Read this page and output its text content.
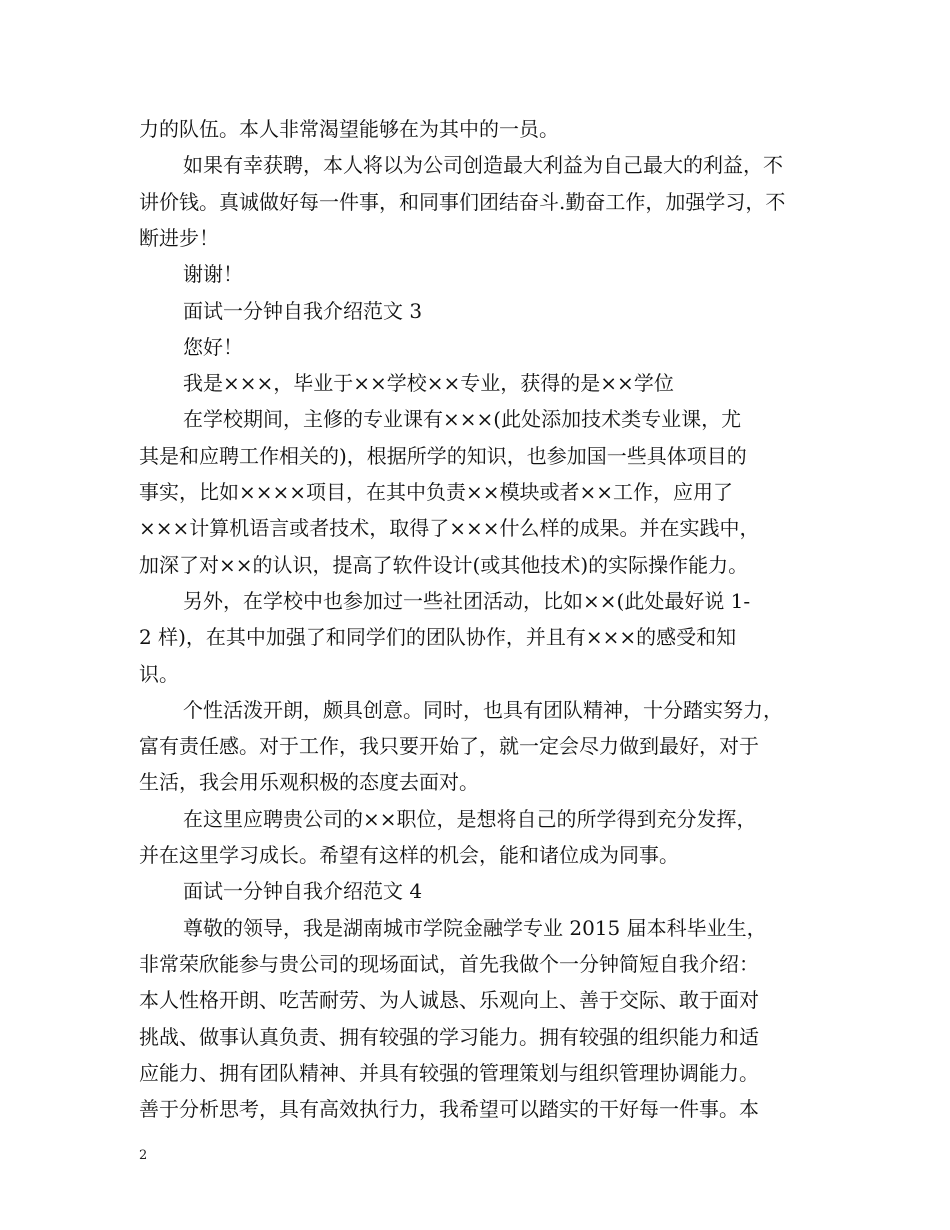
力的队伍。本人非常渴望能够在为其中的一员。
如果有幸获聘，本人将以为公司创造最大利益为自己最大的利益，不
讲价钱。真诚做好每一件事，和同事们团结奋斗.勤奋工作，加强学习，不
断进步！
谢谢！
面试一分钟自我介绍范文 3
您好！
我是×××，毕业于××学校××专业，获得的是××学位
在学校期间，主修的专业课有×××(此处添加技术类专业课，尤
其是和应聘工作相关的)，根据所学的知识，也参加国一些具体项目的
事实，比如××××项目，在其中负责××模块或者××工作，应用了
×××计算机语言或者技术，取得了×××什么样的成果。并在实践中，
加深了对××的认识，提高了软件设计(或其他技术)的实际操作能力。
另外，在学校中也参加过一些社团活动，比如××(此处最好说 1-
2 样)，在其中加强了和同学们的团队协作，并且有×××的感受和知
识。
个性活泼开朗，颇具创意。同时，也具有团队精神，十分踏实努力，
富有责任感。对于工作，我只要开始了，就一定会尽力做到最好，对于
生活，我会用乐观积极的态度去面对。
在这里应聘贵公司的××职位，是想将自己的所学得到充分发挥，
并在这里学习成长。希望有这样的机会，能和诸位成为同事。
面试一分钟自我介绍范文 4
尊敬的领导，我是湖南城市学院金融学专业 2015 届本科毕业生，
非常荣欣能参与贵公司的现场面试，首先我做个一分钟简短自我介绍：
本人性格开朗、吃苦耐劳、为人诚恳、乐观向上、善于交际、敢于面对
挑战、做事认真负责、拥有较强的学习能力。拥有较强的组织能力和适
应能力、拥有团队精神、并具有较强的管理策划与组织管理协调能力。
善于分析思考，具有高效执行力，我希望可以踏实的干好每一件事。本
2
